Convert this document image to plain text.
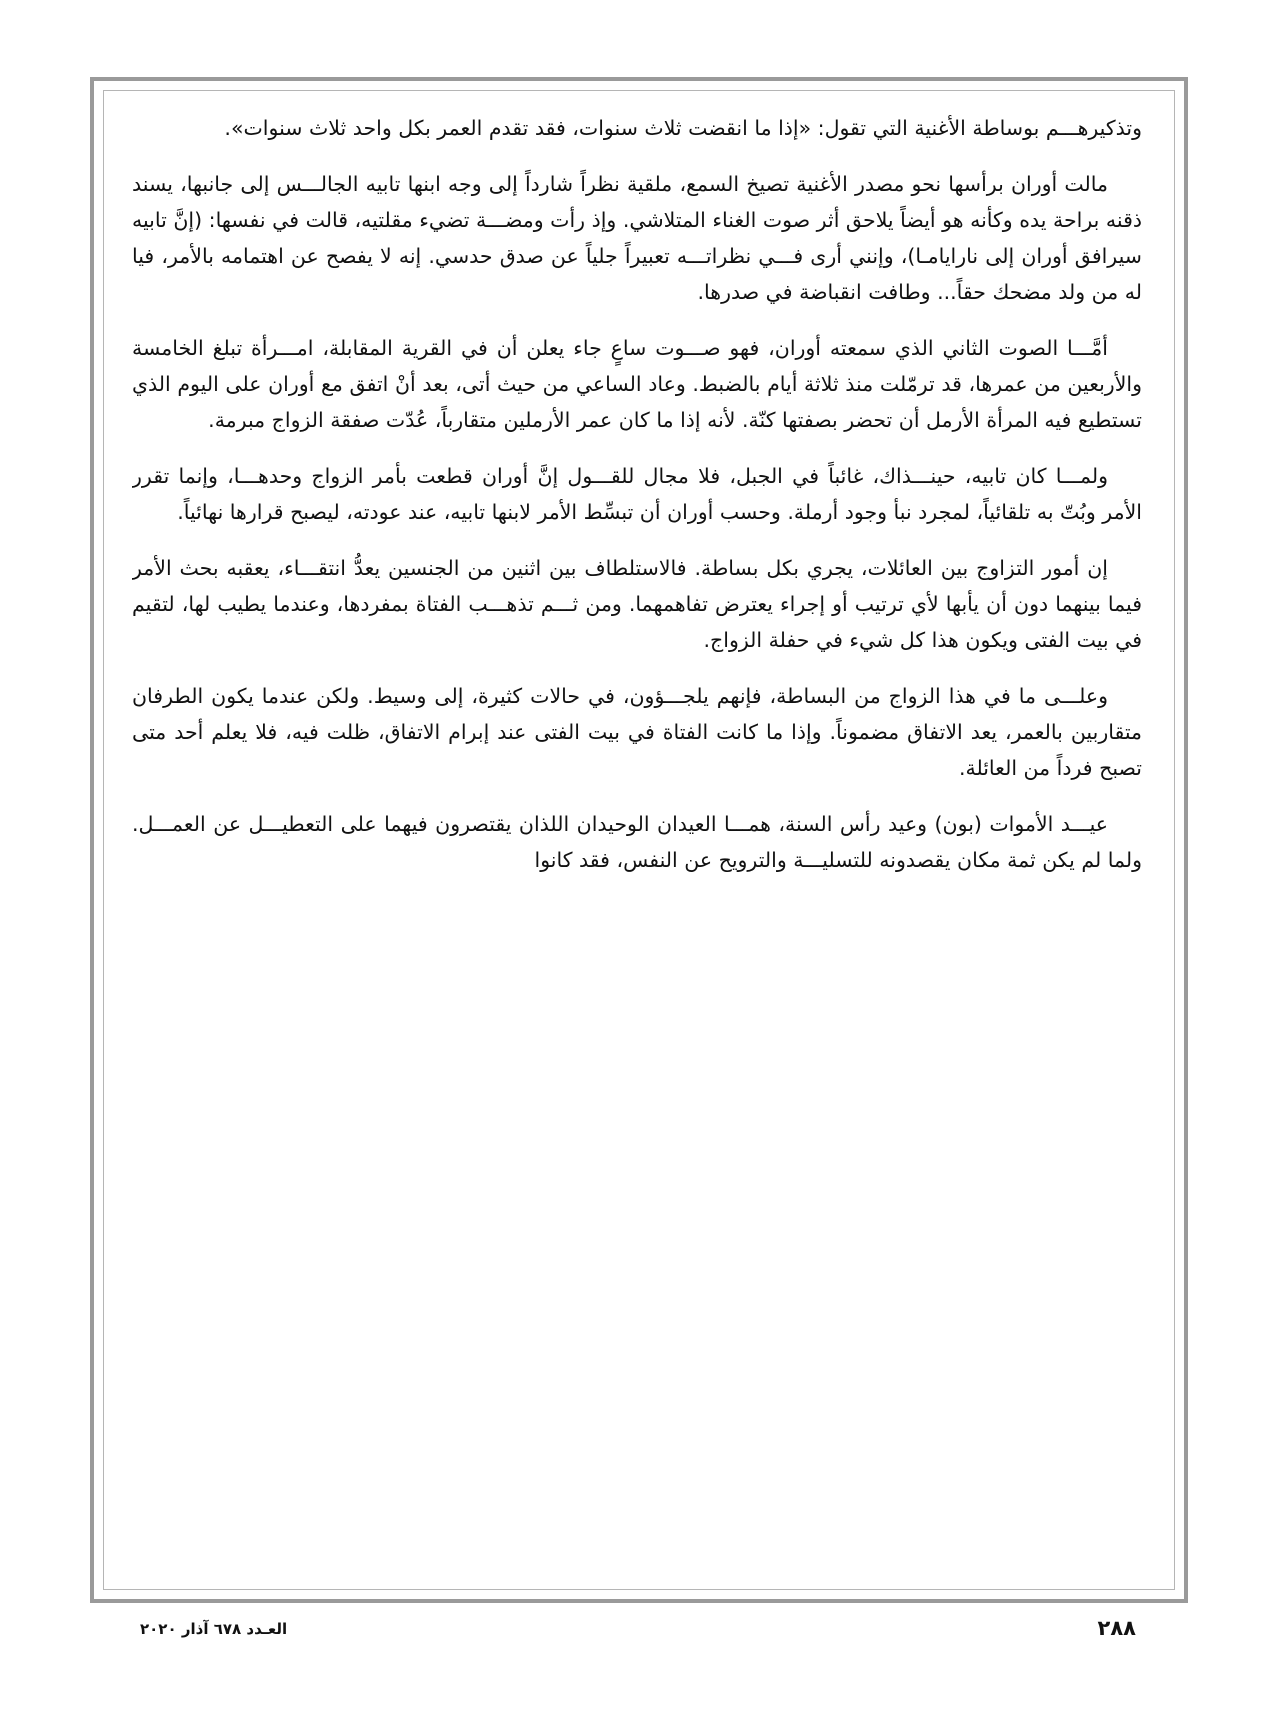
وتذكيرهـــم بوساطة الأغنية التي تقول: «إذا ما انقضت ثلاث سنوات، فقد تقدم العمر بكل واحد ثلاث سنوات».

مالت أوران برأسها نحو مصدر الأغنية تصيخ السمع، ملقية نظراً شارداً إلى وجه ابنها تابيه الجالـــس إلى جانبها، يسند ذقنه براحة يده وكأنه هو أيضاً يلاحق أثر صوت الغناء المتلاشي. وإذ رأت ومضـــة تضيء مقلتيه، قالت في نفسها: (إنَّ تابيه سيرافق أوران إلى نارايامـا)، وإنني أرى فـــي نظراتـــه تعبيراً جلياً عن صدق حدسي. إنه لا يفصح عن اهتمامه بالأمر، فيا له من ولد مضحك حقاً... وطافت انقباضة في صدرها.

أمَّـــا الصوت الثاني الذي سمعته أوران، فهو صـــوت ساعٍ جاء يعلن أن في القرية المقابلة، امـــرأة تبلغ الخامسة والأربعين من عمرها، قد ترمّلت منذ ثلاثة أيام بالضبط. وعاد الساعي من حيث أتى، بعد أنْ اتفق مع أوران على اليوم الذي تستطيع فيه المرأة الأرمل أن تحضر بصفتها كنّة. لأنه إذا ما كان عمر الأرملين متقارباً، عُدّت صفقة الزواج مبرمة.

ولمـــا كان تابيه، حينـــذاك، غائباً في الجبل، فلا مجال للقـــول إنَّ أوران قطعت بأمر الزواج وحدهـــا، وإنما تقرر الأمر وبُتّ به تلقائياً، لمجرد نبأ وجود أرملة. وحسب أوران أن تبسِّط الأمر لابنها تابيه، عند عودته، ليصبح قرارها نهائياً.

إن أمور التزاوج بين العائلات، يجري بكل بساطة. فالاستلطاف بين اثنين من الجنسين يعدُّ انتقـــاء، يعقبه بحث الأمر فيما بينهما دون أن يأبها لأي ترتيب أو إجراء يعترض تفاهمهما. ومن ثـــم تذهـــب الفتاة بمفردها، وعندما يطيب لها، لتقيم في بيت الفتى ويكون هذا كل شيء في حفلة الزواج.

وعلـــى ما في هذا الزواج من البساطة، فإنهم يلجـــؤون، في حالات كثيرة، إلى وسيط. ولكن عندما يكون الطرفان متقاربين بالعمر، يعد الاتفاق مضموناً. وإذا ما كانت الفتاة في بيت الفتى عند إبرام الاتفاق، ظلت فيه، فلا يعلم أحد متى تصبح فرداً من العائلة.

عيـــد الأموات (بون) وعيد رأس السنة، همـــا العيدان الوحيدان اللذان يقتصرون فيهما على التعطيـــل عن العمـــل. ولما لم يكن ثمة مكان يقصدونه للتسليـــة والترويح عن النفس، فقد كانوا

٢٨٨
العـدد ٦٧٨ آذار ٢٠٢٠
